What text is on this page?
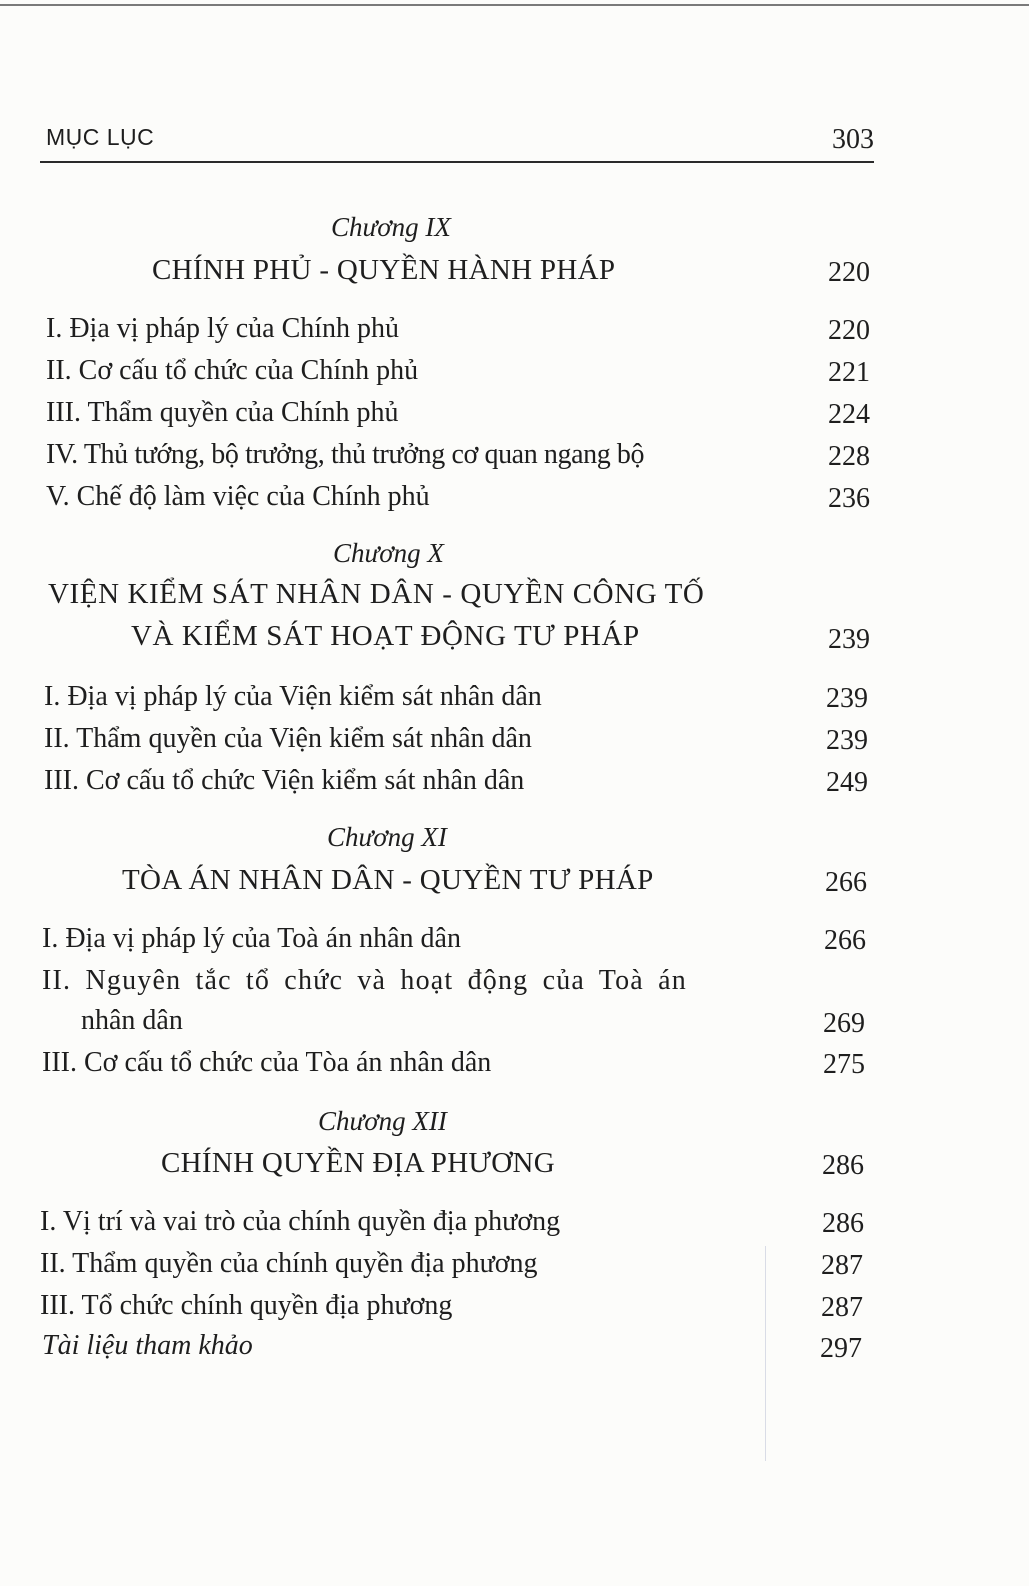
MỤC LỤC	303
Chương IX
CHÍNH PHỦ - QUYỀN HÀNH PHÁP	220
I. Địa vị pháp lý của Chính phủ	220
II. Cơ cấu tổ chức của Chính phủ	221
III. Thẩm quyền của Chính phủ	224
IV. Thủ tướng, bộ trưởng, thủ trưởng cơ quan ngang bộ	228
V. Chế độ làm việc của Chính phủ	236
Chương X
VIỆN KIỂM SÁT NHÂN DÂN - QUYỀN CÔNG TỐ
VÀ KIỂM SÁT HOẠT ĐỘNG TƯ PHÁP	239
I. Địa vị pháp lý của Viện kiểm sát nhân dân	239
II. Thẩm quyền của Viện kiểm sát nhân dân	239
III. Cơ cấu tổ chức Viện kiểm sát nhân dân	249
Chương XI
TÒA ÁN NHÂN DÂN - QUYỀN TƯ PHÁP	266
I. Địa vị pháp lý của Toà án nhân dân	266
II. Nguyên tắc tổ chức và hoạt động của Toà án
nhân dân	269
III. Cơ cấu tổ chức của Tòa án nhân dân	275
Chương XII
CHÍNH QUYỀN ĐỊA PHƯƠNG	286
I. Vị trí và vai trò của chính quyền địa phương	286
II. Thẩm quyền của chính quyền địa phương	287
III. Tổ chức chính quyền địa phương	287
Tài liệu tham khảo	297
